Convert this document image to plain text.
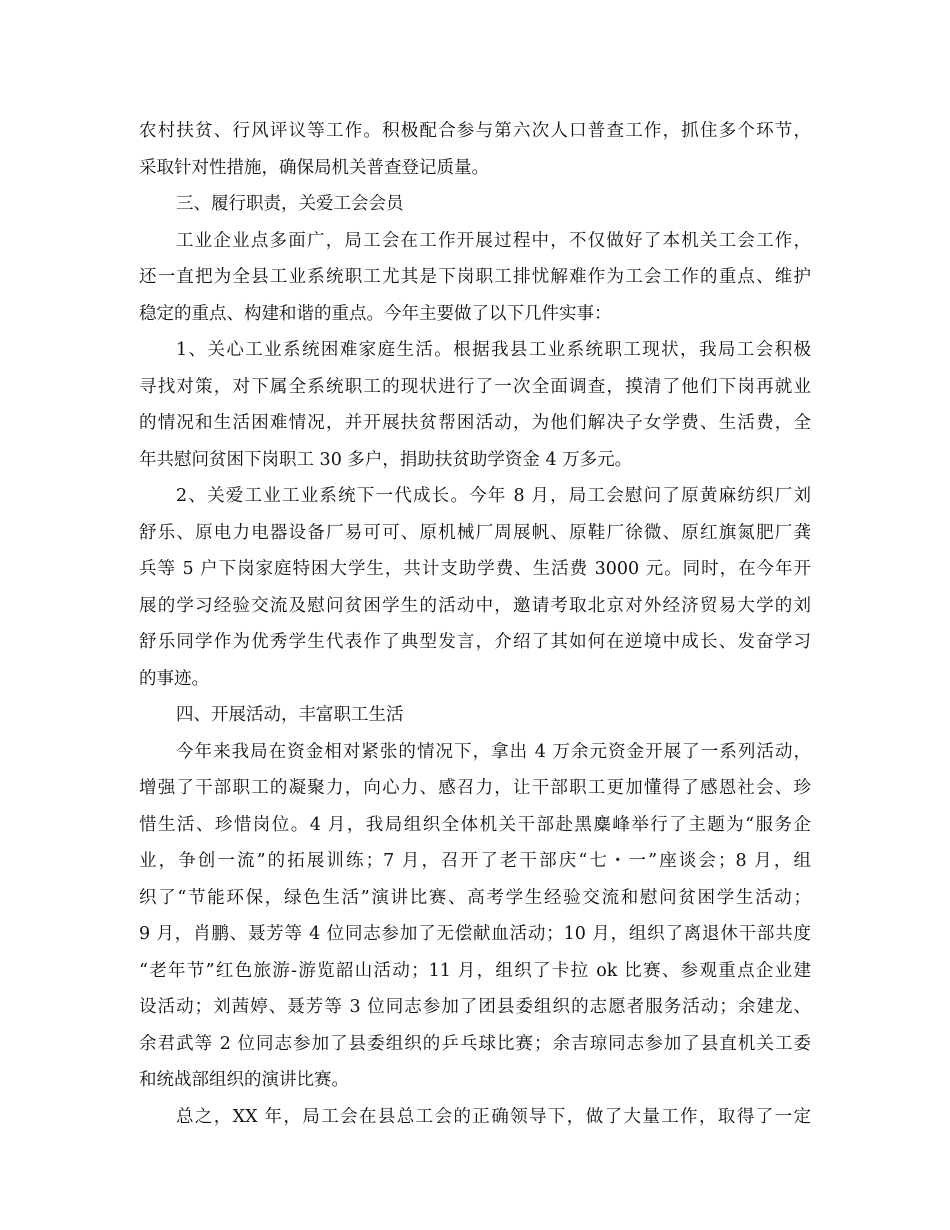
农村扶贫、行风评议等工作。积极配合参与第六次人口普查工作，抓住多个环节，
采取针对性措施，确保局机关普查登记质量。
三、履行职责，关爱工会会员
工业企业点多面广，局工会在工作开展过程中，不仅做好了本机关工会工作，
还一直把为全县工业系统职工尤其是下岗职工排忧解难作为工会工作的重点、维护
稳定的重点、构建和谐的重点。今年主要做了以下几件实事：
1、关心工业系统困难家庭生活。根据我县工业系统职工现状，我局工会积极
寻找对策，对下属全系统职工的现状进行了一次全面调查，摸清了他们下岗再就业
的情况和生活困难情况，并开展扶贫帮困活动，为他们解决子女学费、生活费，全
年共慰问贫困下岗职工 30 多户，捐助扶贫助学资金 4 万多元。
2、关爱工业工业系统下一代成长。今年 8 月，局工会慰问了原黄麻纺织厂刘
舒乐、原电力电器设备厂易可可、原机械厂周展帆、原鞋厂徐微、原红旗氮肥厂龚
兵等 5 户下岗家庭特困大学生，共计支助学费、生活费 3000 元。同时，在今年开
展的学习经验交流及慰问贫困学生的活动中，邀请考取北京对外经济贸易大学的刘
舒乐同学作为优秀学生代表作了典型发言，介绍了其如何在逆境中成长、发奋学习
的事迹。
四、开展活动，丰富职工生活
今年来我局在资金相对紧张的情况下，拿出 4 万余元资金开展了一系列活动，
增强了干部职工的凝聚力，向心力、感召力，让干部职工更加懂得了感恩社会、珍
惜生活、珍惜岗位。4 月，我局组织全体机关干部赴黑麋峰举行了主题为“服务企
业，争创一流”的拓展训练；7 月，召开了老干部庆“七・一”座谈会；8 月，组
织了“节能环保，绿色生活”演讲比赛、高考学生经验交流和慰问贫困学生活动；
9 月，肖鹏、聂芳等 4 位同志参加了无偿献血活动；10 月，组织了离退休干部共度
“老年节”红色旅游-游览韶山活动；11 月，组织了卡拉 ok 比赛、参观重点企业建
设活动；刘茜婷、聂芳等 3 位同志参加了团县委组织的志愿者服务活动；余建龙、
余君武等 2 位同志参加了县委组织的乒乓球比赛；余吉琼同志参加了县直机关工委
和统战部组织的演讲比赛。
总之，XX 年，局工会在县总工会的正确领导下，做了大量工作，取得了一定
